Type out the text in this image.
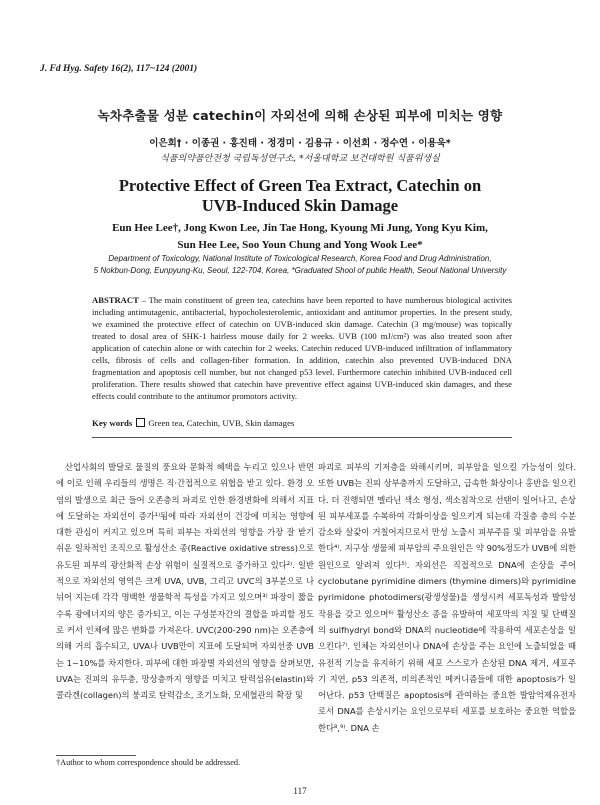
J. Fd Hyg. Safety 16(2), 117~124 (2001)
녹차추출물 성분 catechin이 자외선에 의해 손상된 피부에 미치는 영향
이은희† · 이종권 · 홍진태 · 정경미 · 김용규 · 이선희 · 정수연 · 이용욱*
식품의약품안전청 국립독성연구소, *서울대학교 보건대학원 식품위생실
Protective Effect of Green Tea Extract, Catechin on
UVB-Induced Skin Damage
Eun Hee Lee†, Jong Kwon Lee, Jin Tae Hong, Kyoung Mi Jung, Yong Kyu Kim,
Sun Hee Lee, Soo Youn Chung and Yong Wook Lee*
Department of Toxicology, National Institute of Toxicological Research, Korea Food and Drug Administration,
5 Nokbun-Dong, Eunpyung-Ku, Seoul, 122-704, Korea, *Graduated Shool of public Health, Seoul National University
ABSTRACT – The main constituent of green tea, catechins have been reported to have numberous biological activites including antimutagenic, antibacterial, hypocholesterolemic, antioxidant and antitumor properties. In the present study, we examined the protective effect of catechin on UVB-induced skin damage. Catechin (3 mg/mouse) was topically treated to dosal area of SHK-1 hairless mouse daily for 2 weeks. UVB (100 mJ/cm²) was also treated soon after application of catechin alone or with catechin for 2 weeks. Catechin reduced UVB-induced infiltration of inflammatory cells, fibrosis of cells and collagen-fiber formation. In addition, catechin also prevented UVB-induced DNA fragmentation and apoptosis cell number, but not changed p53 level. Furthermore catechin inhibited UVB-induced cell proliferation. There results showed that catechin have preventive effect against UVB-induced skin damages, and these effects could contribute to the antitumor promotors activity.
Key words Green tea, Catechin, UVB, Skin damages

산업사회의 발달로 물질의 풍요와 문화적 혜택을 누리고 있으나 반면에 이로 인해 우리들의 생명은 직·간접적으로 위협을 받고 있다. 환경 오염의 발생으로 최근 들어 오존층의 파괴로 인한 환경변화에 의해서 지표에 도달하는 자외선이 증가¹⁾됨에 따라 자외선이 건강에 미치는 영향에 대한 관심이 커지고 있으며 특히 피부는 자외선의 영향을 가장 잘 받기 쉬운 일차적인 조직으로 활성산소 종(Reactive oxidative stress)으로 유도된 피부의 광산화적 손상 위험이 실질적으로 증가하고 있다²⁾. 일반적으로 자외선의 영역은 크게 UVA, UVB, 그리고 UVC의 3부분으로 나뉘어 지는데 각각 명백한 생물학적 특성을 가지고 있으며³⁾ 파장이 짧을수록 광에너지의 양은 증가되고, 이는 구성분자간의 결합을 파괴할 정도로 커서 인체에 많은 변화를 가져온다. UVC(200-290 nm)는 오존층에 의해 거의 흡수되고, UVA나 UVB만이 지표에 도달되며 자외선중 UVB는 1~10%를 차지한다. 피부에 대한 파장별 자외선의 영향을 살펴보면, UVA는 진피의 유두층, 망상층까지 영향을 미치고 탄력섬유(elastin)와 콜라겐(collagen)의 붕괴로 탄력감소, 조기노화, 모세혈관의 확장 및

파괴로 피부의 기저층을 와해시키며, 피부암을 일으킬 가능성이 있다. 또한 UVB는 진피 상부층까지 도달하고, 급속한 화상이나 홍반을 일으킨다. 더 진행되면 멜라닌 색소 형성, 색소침착으로 선탠이 일어나고, 손상된 피부세포를 수복하여 각화이상을 일으키게 되는데 각질층 층의 수분감소와 살갗이 거칠어지므로서 만성 노출시 피부주름 및 피부암을 유발한다⁴⁾. 지구상 생물체 피부암의 주요원인은 약 90%정도가 UVB에 의한 원인으로 알려져 있다⁵⁾. 자외선은 직접적으로 DNA에 손상을 주어 cyclobutane pyrimidine dimers (thymine dimers)와 pyrimidine pyrimidone photodimers(광생성물)을 생성시켜 세포독성과 발암성 작용을 갖고 있으며⁶⁾ 활성산소 종을 유발하여 세포막의 지질 및 단백질의 sulfhydryl bond와 DNA의 nucleotide에 작용하여 세포손상을 일으킨다⁷⁾. 인체는 자외선이나 DNA에 손상을 주는 요인에 노출되었을 때 유전적 기능을 유지하기 위해 세포 스스로가 손상된 DNA 제거, 세포주기 지연, p53 의존적, 비의존적인 메커니즘들에 대한 apoptosis가 일어난다. p53 단백질은 apoptosis에 관여하는 중요한 발암억제유전자로서 DNA를 손상시키는 요인으로부터 세포를 보호하는 중요한 역할을 한다⁸,⁹⁾. DNA 손

†Author to whom correspondence should be addressed.
117
